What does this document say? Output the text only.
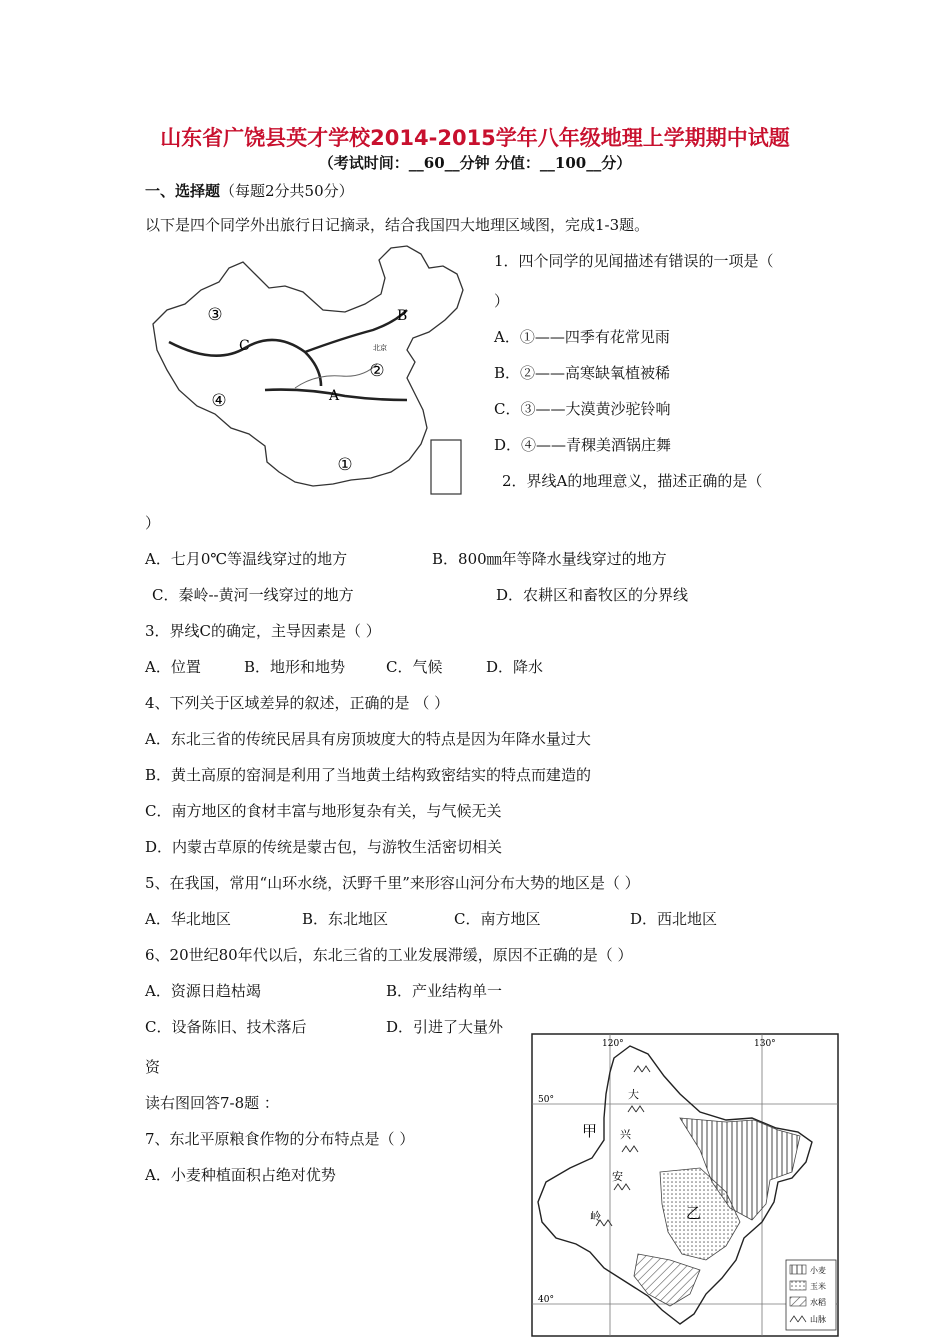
山东省广饶县英才学校2014-2015学年八年级地理上学期期中试题
（考试时间：__60__分钟 分值：__100__分）
一、选择题（每题2分共50分）
以下是四个同学外出旅行日记摘录，结合我国四大地理区域图，完成1-3题。
③
④
②
①
A
B
C	北京
1．四个同学的见闻描述有错误的一项是（
）
A．①——四季有花常见雨
B．②——高寒缺氧植被稀
C．③——大漠黄沙驼铃响
D．④——青稞美酒锅庄舞
2．界线A的地理意义，描述正确的是（
）
A．七月0℃等温线穿过的地方	B．800㎜年等降水量线穿过的地方
C．秦岭--黄河一线穿过的地方	D．农耕区和畜牧区的分界线
3．界线C的确定，主导因素是（ ）
A．位置	B．地形和地势	C．气候	D．降水
4、下列关于区域差异的叙述，正确的是 （ ）
A．东北三省的传统民居具有房顶坡度大的特点是因为年降水量过大
B．黄土高原的窑洞是利用了当地黄土结构致密结实的特点而建造的
C．南方地区的食材丰富与地形复杂有关，与气候无关
D．内蒙古草原的传统是蒙古包，与游牧生活密切相关
5、在我国，常用“山环水绕，沃野千里”来形容山河分布大势的地区是（ ）
A．华北地区	B．东北地区	C．南方地区	D．西北地区
6、20世纪80年代以后，东北三省的工业发展滞缓，原因不正确的是（ ）
A．资源日趋枯竭	B．产业结构单一
C．设备陈旧、技术落后	D．引进了大量外
资
读右图回答7-8题 ：
7、东北平原粮食作物的分布特点是（ ）
A．小麦种植面积占绝对优势
120°	130°
50°
40°
甲
乙
大
兴
安
岭
小麦
玉米
水稻
山脉
